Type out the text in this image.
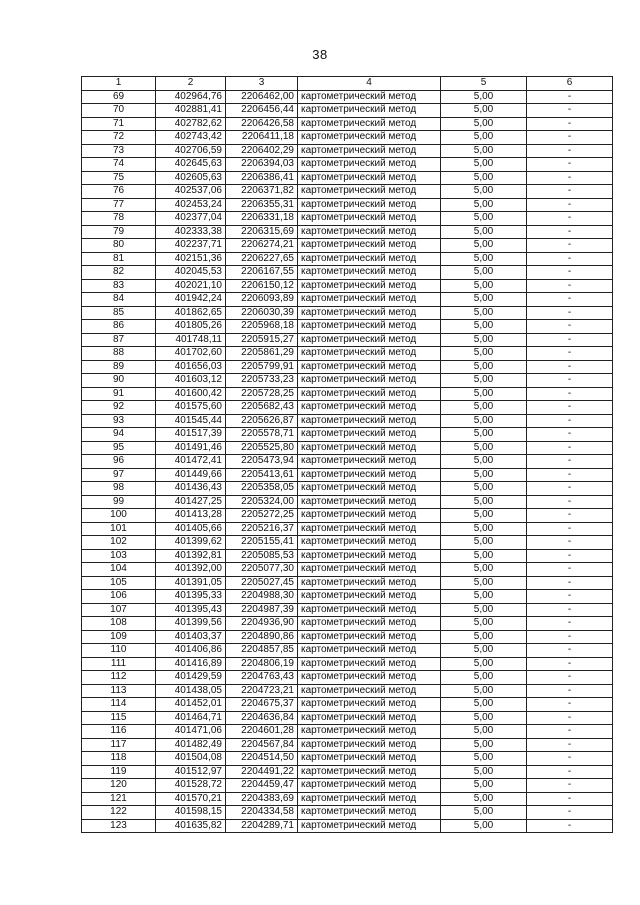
38
1	2	3	4	5	6
69	402964,76	2206462,00	картометрический метод	5,00	-
70	402881,41	2206456,44	картометрический метод	5,00	-
71	402782,62	2206426,58	картометрический метод	5,00	-
72	402743,42	2206411,18	картометрический метод	5,00	-
73	402706,59	2206402,29	картометрический метод	5,00	-
74	402645,63	2206394,03	картометрический метод	5,00	-
75	402605,63	2206386,41	картометрический метод	5,00	-
76	402537,06	2206371,82	картометрический метод	5,00	-
77	402453,24	2206355,31	картометрический метод	5,00	-
78	402377,04	2206331,18	картометрический метод	5,00	-
79	402333,38	2206315,69	картометрический метод	5,00	-
80	402237,71	2206274,21	картометрический метод	5,00	-
81	402151,36	2206227,65	картометрический метод	5,00	-
82	402045,53	2206167,55	картометрический метод	5,00	-
83	402021,10	2206150,12	картометрический метод	5,00	-
84	401942,24	2206093,89	картометрический метод	5,00	-
85	401862,65	2206030,39	картометрический метод	5,00	-
86	401805,26	2205968,18	картометрический метод	5,00	-
87	401748,11	2205915,27	картометрический метод	5,00	-
88	401702,60	2205861,29	картометрический метод	5,00	-
89	401656,03	2205799,91	картометрический метод	5,00	-
90	401603,12	2205733,23	картометрический метод	5,00	-
91	401600,42	2205728,25	картометрический метод	5,00	-
92	401575,60	2205682,43	картометрический метод	5,00	-
93	401545,44	2205626,87	картометрический метод	5,00	-
94	401517,39	2205578,71	картометрический метод	5,00	-
95	401491,46	2205525,80	картометрический метод	5,00	-
96	401472,41	2205473,94	картометрический метод	5,00	-
97	401449,66	2205413,61	картометрический метод	5,00	-
98	401436,43	2205358,05	картометрический метод	5,00	-
99	401427,25	2205324,00	картометрический метод	5,00	-
100	401413,28	2205272,25	картометрический метод	5,00	-
101	401405,66	2205216,37	картометрический метод	5,00	-
102	401399,62	2205155,41	картометрический метод	5,00	-
103	401392,81	2205085,53	картометрический метод	5,00	-
104	401392,00	2205077,30	картометрический метод	5,00	-
105	401391,05	2205027,45	картометрический метод	5,00	-
106	401395,33	2204988,30	картометрический метод	5,00	-
107	401395,43	2204987,39	картометрический метод	5,00	-
108	401399,56	2204936,90	картометрический метод	5,00	-
109	401403,37	2204890,86	картометрический метод	5,00	-
110	401406,86	2204857,85	картометрический метод	5,00	-
111	401416,89	2204806,19	картометрический метод	5,00	-
112	401429,59	2204763,43	картометрический метод	5,00	-
113	401438,05	2204723,21	картометрический метод	5,00	-
114	401452,01	2204675,37	картометрический метод	5,00	-
115	401464,71	2204636,84	картометрический метод	5,00	-
116	401471,06	2204601,28	картометрический метод	5,00	-
117	401482,49	2204567,84	картометрический метод	5,00	-
118	401504,08	2204514,50	картометрический метод	5,00	-
119	401512,97	2204491,22	картометрический метод	5,00	-
120	401528,72	2204459,47	картометрический метод	5,00	-
121	401570,21	2204383,69	картометрический метод	5,00	-
122	401598,15	2204334,58	картометрический метод	5,00	-
123	401635,82	2204289,71	картометрический метод	5,00	-
